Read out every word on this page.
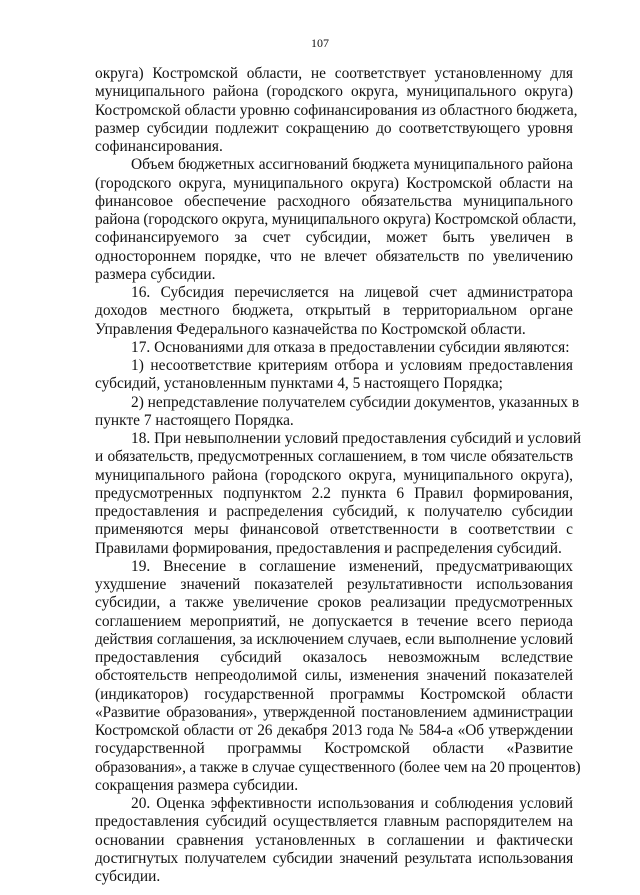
107
округа) Костромской области, не соответствует установленному для
муниципального района (городского округа, муниципального округа)
Костромской области уровню софинансирования из областного бюджета,
размер субсидии подлежит сокращению до соответствующего уровня
софинансирования.
Объем бюджетных ассигнований бюджета муниципального района
(городского округа, муниципального округа) Костромской области на
финансовое обеспечение расходного обязательства муниципального
района (городского округа, муниципального округа) Костромской области,
софинансируемого за счет субсидии, может быть увеличен в
одностороннем порядке, что не влечет обязательств по увеличению
размера субсидии.
16. Субсидия перечисляется на лицевой счет администратора
доходов местного бюджета, открытый в территориальном органе
Управления Федерального казначейства по Костромской области.
17. Основаниями для отказа в предоставлении субсидии являются:
1) несоответствие критериям отбора и условиям предоставления
субсидий, установленным пунктами 4, 5 настоящего Порядка;
2) непредставление получателем субсидии документов, указанных в
пункте 7 настоящего Порядка.
18. При невыполнении условий предоставления субсидий и условий
и обязательств, предусмотренных соглашением, в том числе обязательств
муниципального района (городского округа, муниципального округа),
предусмотренных подпунктом 2.2 пункта 6 Правил формирования,
предоставления и распределения субсидий, к получателю субсидии
применяются меры финансовой ответственности в соответствии с
Правилами формирования, предоставления и распределения субсидий.
19. Внесение в соглашение изменений, предусматривающих
ухудшение значений показателей результативности использования
субсидии, а также увеличение сроков реализации предусмотренных
соглашением мероприятий, не допускается в течение всего периода
действия соглашения, за исключением случаев, если выполнение условий
предоставления субсидий оказалось невозможным вследствие
обстоятельств непреодолимой силы, изменения значений показателей
(индикаторов) государственной программы Костромской области
«Развитие образования», утвержденной постановлением администрации
Костромской области от 26 декабря 2013 года № 584-а «Об утверждении
государственной программы Костромской области «Развитие
образования», а также в случае существенного (более чем на 20 процентов)
сокращения размера субсидии.
20. Оценка эффективности использования и соблюдения условий
предоставления субсидий осуществляется главным распорядителем на
основании сравнения установленных в соглашении и фактически
достигнутых получателем субсидии значений результата использования
субсидии.
